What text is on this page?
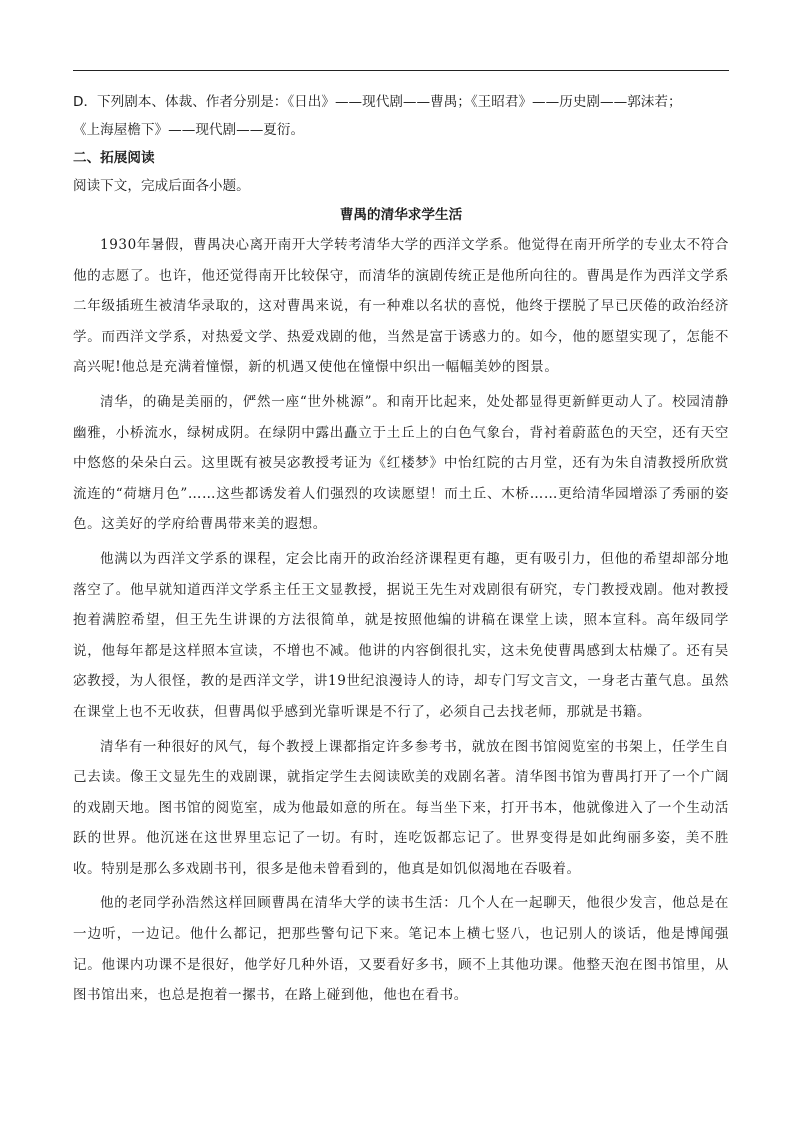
D．下列剧本、体裁、作者分别是：《日出》——现代剧——曹禺；《王昭君》——历史剧——郭沫若；

《上海屋檐下》——现代剧——夏衍。

二、拓展阅读

阅读下文，完成后面各小题。

曹禺的清华求学生活

1930年暑假，曹禺决心离开南开大学转考清华大学的西洋文学系。他觉得在南开所学的专业太不符合他的志愿了。也许，他还觉得南开比较保守，而清华的演剧传统正是他所向往的。曹禺是作为西洋文学系二年级插班生被清华录取的，这对曹禺来说，有一种难以名状的喜悦，他终于摆脱了早已厌倦的政治经济学。而西洋文学系，对热爱文学、热爱戏剧的他，当然是富于诱惑力的。如今，他的愿望实现了，怎能不高兴呢!他总是充满着憧憬，新的机遇又使他在憧憬中织出一幅幅美妙的图景。

清华，的确是美丽的，俨然一座“世外桃源”。和南开比起来，处处都显得更新鲜更动人了。校园清静幽雅，小桥流水，绿树成阴。在绿阴中露出矗立于土丘上的白色气象台，背衬着蔚蓝色的天空，还有天空中悠悠的朵朵白云。这里既有被吴宓教授考证为《红楼梦》中怡红院的古月堂，还有为朱自清教授所欣赏流连的“荷塘月色”……这些都诱发着人们强烈的攻读愿望！而土丘、木桥……更给清华园增添了秀丽的姿色。这美好的学府给曹禺带来美的遐想。

他满以为西洋文学系的课程，定会比南开的政治经济课程更有趣，更有吸引力，但他的希望却部分地落空了。他早就知道西洋文学系主任王文显教授，据说王先生对戏剧很有研究，专门教授戏剧。他对教授抱着满腔希望，但王先生讲课的方法很简单，就是按照他编的讲稿在课堂上读，照本宣科。高年级同学说，他每年都是这样照本宣读，不增也不减。他讲的内容倒很扎实，这未免使曹禺感到太枯燥了。还有吴宓教授，为人很怪，教的是西洋文学，讲19世纪浪漫诗人的诗，却专门写文言文，一身老古董气息。虽然在课堂上也不无收获，但曹禺似乎感到光靠听课是不行了，必须自己去找老师，那就是书籍。

清华有一种很好的风气，每个教授上课都指定许多参考书，就放在图书馆阅览室的书架上，任学生自己去读。像王文显先生的戏剧课，就指定学生去阅读欧美的戏剧名著。清华图书馆为曹禺打开了一个广阔的戏剧天地。图书馆的阅览室，成为他最如意的所在。每当坐下来，打开书本，他就像进入了一个生动活跃的世界。他沉迷在这世界里忘记了一切。有时，连吃饭都忘记了。世界变得是如此绚丽多姿，美不胜收。特别是那么多戏剧书刊，很多是他未曾看到的，他真是如饥似渴地在吞吸着。

他的老同学孙浩然这样回顾曹禺在清华大学的读书生活：几个人在一起聊天，他很少发言，他总是在一边听，一边记。他什么都记，把那些警句记下来。笔记本上横七竖八，也记别人的谈话，他是博闻强记。他课内功课不是很好，他学好几种外语，又要看好多书，顾不上其他功课。他整天泡在图书馆里，从图书馆出来，也总是抱着一摞书，在路上碰到他，他也在看书。
